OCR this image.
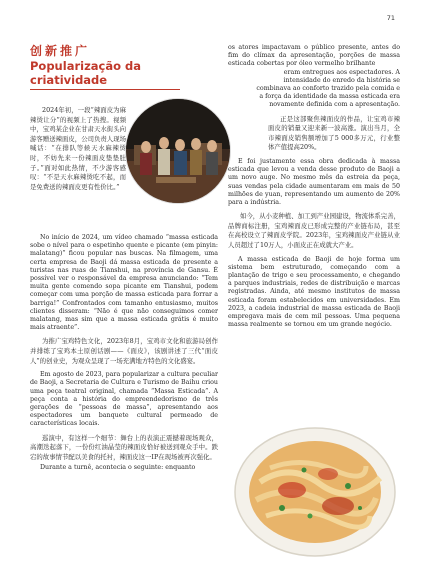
71
创新推广
Popularização da criatividade

2024年初，一段“辣面皮为麻辣烫让分”的视频上了热搜。视频中，宝鸡某企业在甘肃天水街头向游客赠送辣面皮，公司负责人现场喊话：“在排队等候天水麻辣烫时，不妨先来一份辣面皮垫垫肚子。”面对如此热情，不少游客感叹：“不是天水麻辣烫吃不起，而是免费送的辣面皮更有性价比。”

No início de 2024, um vídeo chamado “massa esticada sobe o nível para o espetinho quente e picante (em pinyin: malatang)” ficou popular nas buscas. Na filmagem, uma certa empresa de Baoji dá massa esticada de presente a turistas nas ruas de Tianshui, na província de Gansu. É possível ver o responsável da empresa anunciando: “Tem muita gente comendo sopa picante em Tianshui, podem começar com uma porção de massa esticada para forrar a barriga!” Confrontados com tamanho entusiasmo, muitos clientes disseram: “Não é que não conseguimos comer malatang, mas sim que a massa esticada grátis é muito mais atraente”.

为推广宝鸡特色文化，2023年8月，宝鸡市文化和旅游局创作并排练了宝鸡本土原创话剧——《面皮》，该剧讲述了三代“面皮人”的创业史，为观众呈现了一场充满地方特色的文化盛宴。

Em agosto de 2023, para popularizar a cultura peculiar de Baoji, a Secretaria de Cultura e Turismo de Baihu criou uma peça teatral original, chamada “Massa Esticada”. A peça conta a história do empreendedorismo de três gerações de “pessoas de massa”, apresentando aos espectadores um banquete cultural permeado de características locais.

巡演中，有这样一个细节：舞台上的表演正震撼着现场观众，高潮迭起落下，一份份红油晶莹的辣面皮恰好被送到观众手中。跌宕的故事情节配以美食的托衬，辣面皮这一IP在现场被再次强化。

Durante a turnê, acontecia o seguinte: enquanto

os atores impactavam o público presente, antes do fim do clímax da apresentação, porções de massa esticada cobertas por óleo vermelho brilhante

eram entregues aos espectadores. A intensidade do enredo da história se combinava ao conforto trazido pela comida e a força da identidade da massa esticada era novamente definida com a apresentação.

正是这部聚焦辣面皮的作品，让宝鸡市辣面皮的销量又迎来新一波高涨。演出当月，全市辣面皮销售额增加了5 000多万元，行业整体产值提高20%。

E foi justamente essa obra dedicada à massa esticada que levou a venda desse produto de Baoji a um novo auge. No mesmo mês da estreia da peça, suas vendas pela cidade aumentaram em mais de 50 milhões de yuan, representando um aumento de 20% para a indústria.

如今，从小麦种植、加工到产业园建设，物流体系完善，品牌商标注册，宝鸡辣面皮已形成完整的产业链布局，甚至在高校设立了辣面皮学院。2023年，宝鸡辣面皮产业链从业人员超过了10万人，小面皮正在成就大产业。

A massa esticada de Baoji de hoje forma um sistema bem estruturado, começando com a plantação de trigo e seu processamento, e chegando a parques industriais, redes de distribuição e marcas registradas. Ainda, até mesmo institutos de massa esticada foram estabelecidos em universidades. Em 2023, a cadeia industrial de massa esticada de Baoji empregava mais de cem mil pessoas. Uma pequena massa realmente se tornou em um grande negócio.
